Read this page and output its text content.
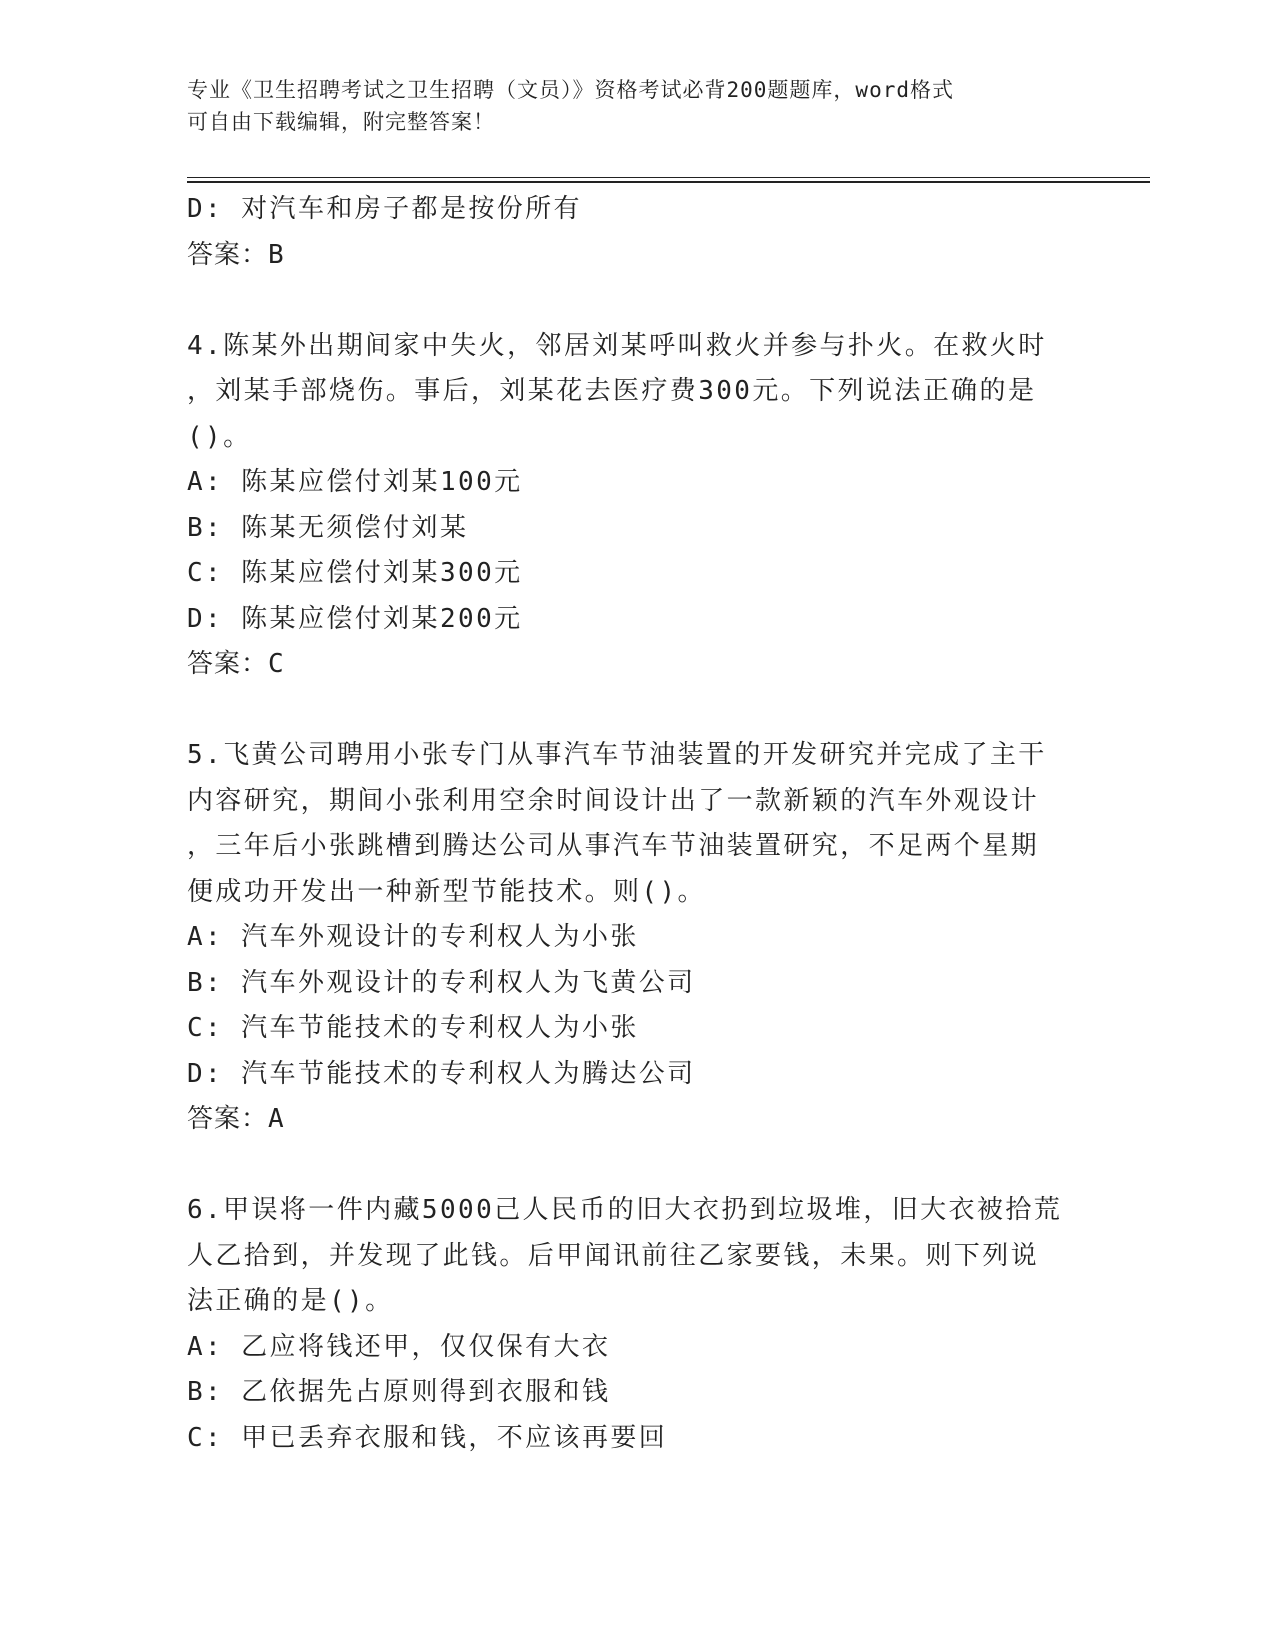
专业《卫生招聘考试之卫生招聘（文员）》资格考试必背200题题库，word格式
可自由下载编辑，附完整答案！
D: 对汽车和房子都是按份所有
答案：B
4.陈某外出期间家中失火，邻居刘某呼叫救火并参与扑火。在救火时
，刘某手部烧伤。事后，刘某花去医疗费300元。下列说法正确的是
()。
A: 陈某应偿付刘某100元
B: 陈某无须偿付刘某
C: 陈某应偿付刘某300元
D: 陈某应偿付刘某200元
答案：C
5.飞黄公司聘用小张专门从事汽车节油装置的开发研究并完成了主干
内容研究，期间小张利用空余时间设计出了一款新颖的汽车外观设计
，三年后小张跳槽到腾达公司从事汽车节油装置研究，不足两个星期
便成功开发出一种新型节能技术。则()。
A: 汽车外观设计的专利权人为小张
B: 汽车外观设计的专利权人为飞黄公司
C: 汽车节能技术的专利权人为小张
D: 汽车节能技术的专利权人为腾达公司
答案：A
6.甲误将一件内藏5000己人民币的旧大衣扔到垃圾堆，旧大衣被拾荒
人乙拾到，并发现了此钱。后甲闻讯前往乙家要钱，未果。则下列说
法正确的是()。
A: 乙应将钱还甲，仅仅保有大衣
B: 乙依据先占原则得到衣服和钱
C: 甲已丢弃衣服和钱，不应该再要回
